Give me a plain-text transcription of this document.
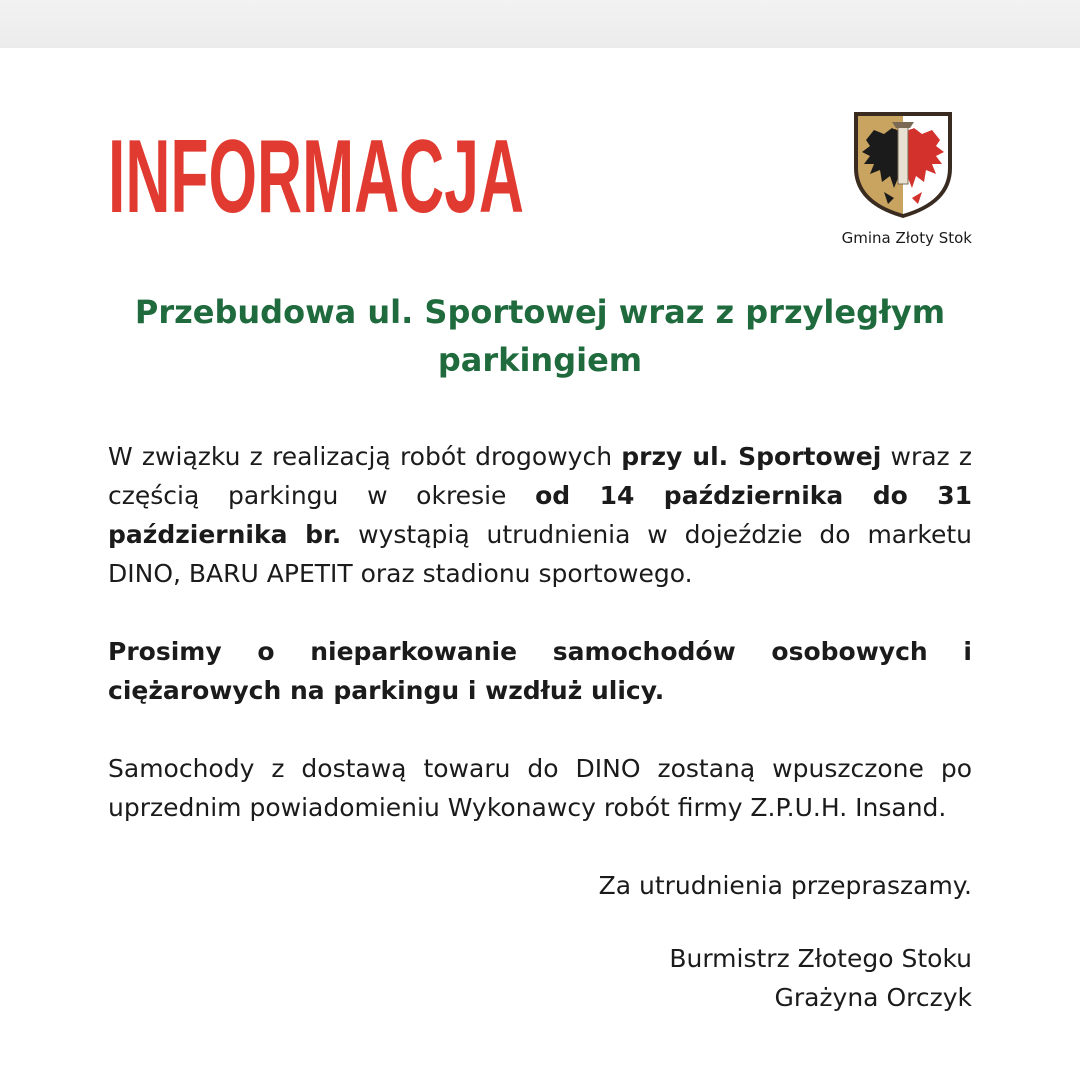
INFORMACJA
Gmina Złoty Stok
Przebudowa ul. Sportowej wraz z przyległym parkingiem

W związku z realizacją robót drogowych przy ul. Sportowej wraz z częścią parkingu w okresie od 14 października do 31 października br. wystąpią utrudnienia w dojeździe do marketu DINO, BARU APETIT oraz stadionu sportowego.

Prosimy o nieparkowanie samochodów osobowych i ciężarowych na parkingu i wzdłuż ulicy.

Samochody z dostawą towaru do DINO zostaną wpuszczone po uprzednim powiadomieniu Wykonawcy robót firmy Z.P.U.H. Insand.

Za utrudnienia przepraszamy.

Burmistrz Złotego Stoku
Grażyna Orczyk
